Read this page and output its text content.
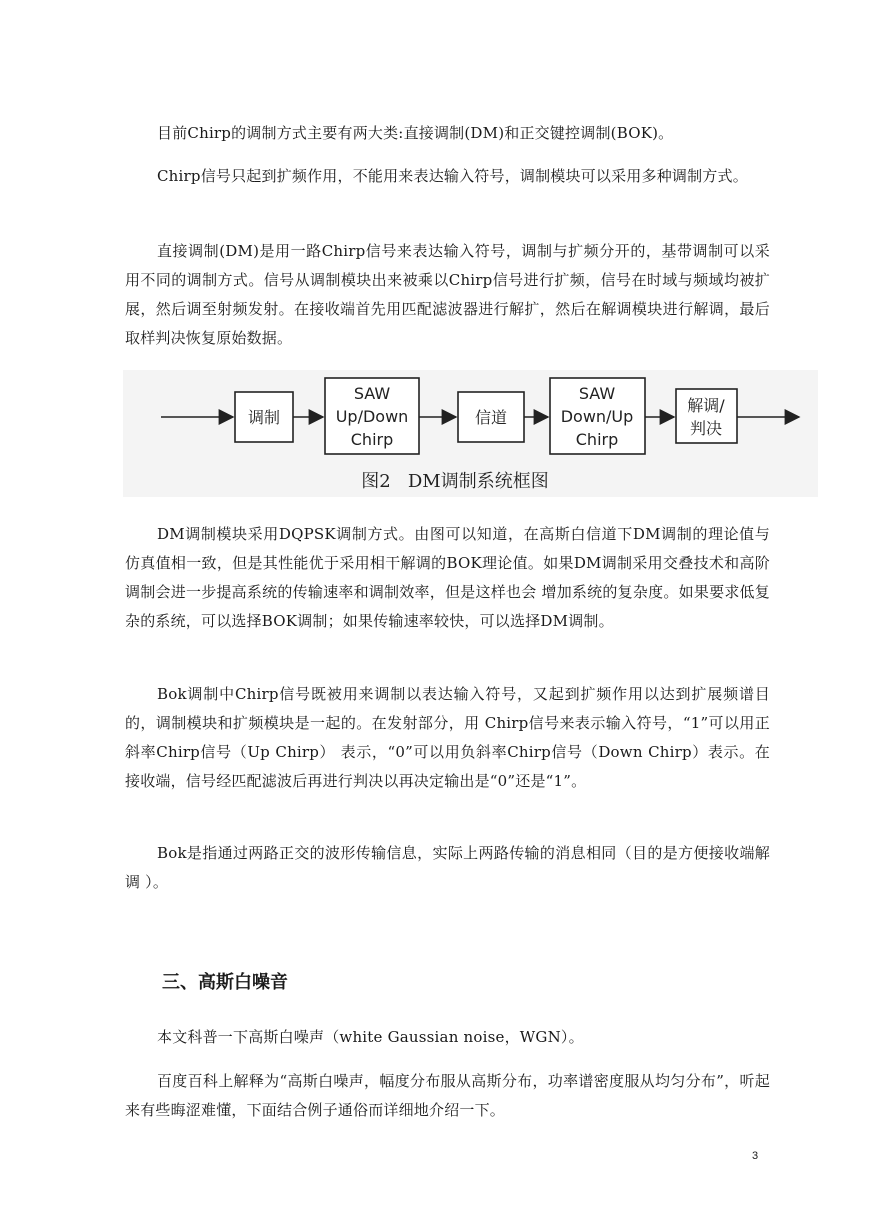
目前Chirp的调制方式主要有两大类:直接调制(DM)和正交键控调制(BOK)。

Chirp信号只起到扩频作用，不能用来表达输入符号，调制模块可以采用多种调制方式。

直接调制(DM)是用一路Chirp信号来表达输入符号，调制与扩频分开的，基带调制可以采用不同的调制方式。信号从调制模块出来被乘以Chirp信号进行扩频，信号在时域与频域均被扩展，然后调至射频发射。在接收端首先用匹配滤波器进行解扩，然后在解调模块进行解调，最后取样判决恢复原始数据。

调制
SAW
Up/Down
Chirp
信道
SAW
Down/Up
Chirp
解调/
判决
图2   DM调制系统框图

DM调制模块采用DQPSK调制方式。由图可以知道，在高斯白信道下DM调制的理论值与仿真值相一致，但是其性能优于采用相干解调的BOK理论值。如果DM调制采用交叠技术和高阶调制会进一步提高系统的传输速率和调制效率，但是这样也会 增加系统的复杂度。如果要求低复杂的系统，可以选择BOK调制；如果传输速率较快，可以选择DM调制。

Bok调制中Chirp信号既被用来调制以表达输入符号，又起到扩频作用以达到扩展频谱目的，调制模块和扩频模块是一起的。在发射部分，用 Chirp信号来表示输入符号，“1”可以用正斜率Chirp信号（Up Chirp） 表示，“0”可以用负斜率Chirp信号（Down Chirp）表示。在接收端，信号经匹配滤波后再进行判决以再决定输出是“0”还是“1”。

Bok是指通过两路正交的波形传输信息，实际上两路传输的消息相同（目的是方便接收端解调 ）。

三、高斯白噪音

本文科普一下高斯白噪声（white Gaussian noise，WGN）。

百度百科上解释为“高斯白噪声，幅度分布服从高斯分布，功率谱密度服从均匀分布”，听起来有些晦涩难懂，下面结合例子通俗而详细地介绍一下。

3
